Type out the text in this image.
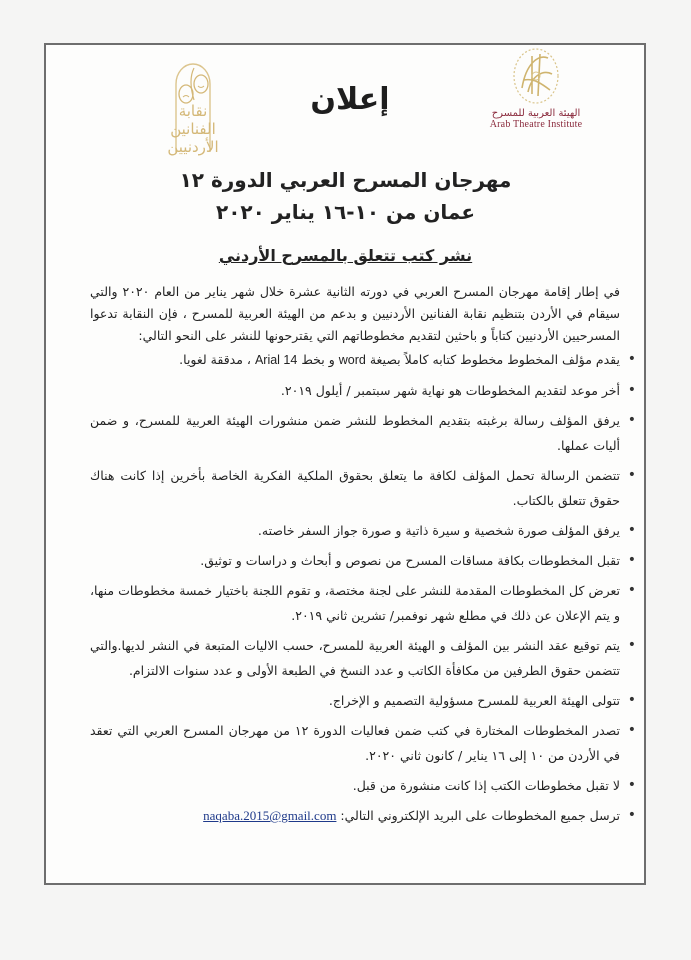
الهيئة العربية للمسرح
Arab Theatre Institute
نقابة الفنانين
الأردنيين
إعلان
مهرجان المسرح العربي الدورة ١٢
عمان من ١٠-١٦ يناير ٢٠٢٠
نشر كتب تتعلق بالمسرح الأردني

في إطار إقامة مهرجان المسرح العربي في دورته الثانية عشرة خلال شهر يناير من العام ٢٠٢٠ والتي سيقام في الأردن بتنظيم نقابة الفنانين الأردنيين و بدعم من الهيئة العربية للمسرح ، فإن النقابة تدعوا المسرحيين الأردنيين كتاباً و باحثين لتقديم مخطوطاتهم التي يقترحونها للنشر على النحو التالي:

• يقدم مؤلف المخطوط مخطوط كتابه كاملاً بصيغة word و بخط Arial 14 ، مدققة لغويا.
• أخر موعد لتقديم المخطوطات هو نهاية شهر سبتمبر / أيلول ٢٠١٩.
• يرفق المؤلف رسالة برغبته بتقديم المخطوط للنشر ضمن منشورات الهيئة العربية للمسرح، و ضمن أليات عملها.
• تتضمن الرسالة تحمل المؤلف لكافة ما يتعلق بحقوق الملكية الفكرية الخاصة بأخرين إذا كانت هناك حقوق تتعلق بالكتاب.
• يرفق المؤلف صورة شخصية و سيرة ذاتية و صورة جواز السفر خاصته.
• تقبل المخطوطات بكافة مساقات المسرح من نصوص و أبحاث و دراسات و توثيق.
• تعرض كل المخطوطات المقدمة للنشر على لجنة مختصة، و تقوم اللجنة باختيار خمسة مخطوطات منها، و يتم الإعلان عن ذلك في مطلع شهر نوفمبر/ تشرين ثاني ٢٠١٩.
• يتم توقيع عقد النشر بين المؤلف و الهيئة العربية للمسرح، حسب الاليات المتبعة في النشر لديها.والتي تتضمن حقوق الطرفين من مكافأة الكاتب و عدد النسخ في الطبعة الأولى و عدد سنوات الالتزام.
• تتولى الهيئة العربية للمسرح مسؤولية التصميم و الإخراج.
• تصدر المخطوطات المختارة في كتب ضمن فعاليات الدورة ١٢ من مهرجان المسرح العربي التي تعقد في الأردن من ١٠ إلى ١٦ يناير / كانون ثاني ٢٠٢٠.
• لا تقبل مخطوطات الكتب إذا كانت منشورة من قبل.
• ترسل جميع المخطوطات على البريد الإلكتروني التالي: naqaba.2015@gmail.com
